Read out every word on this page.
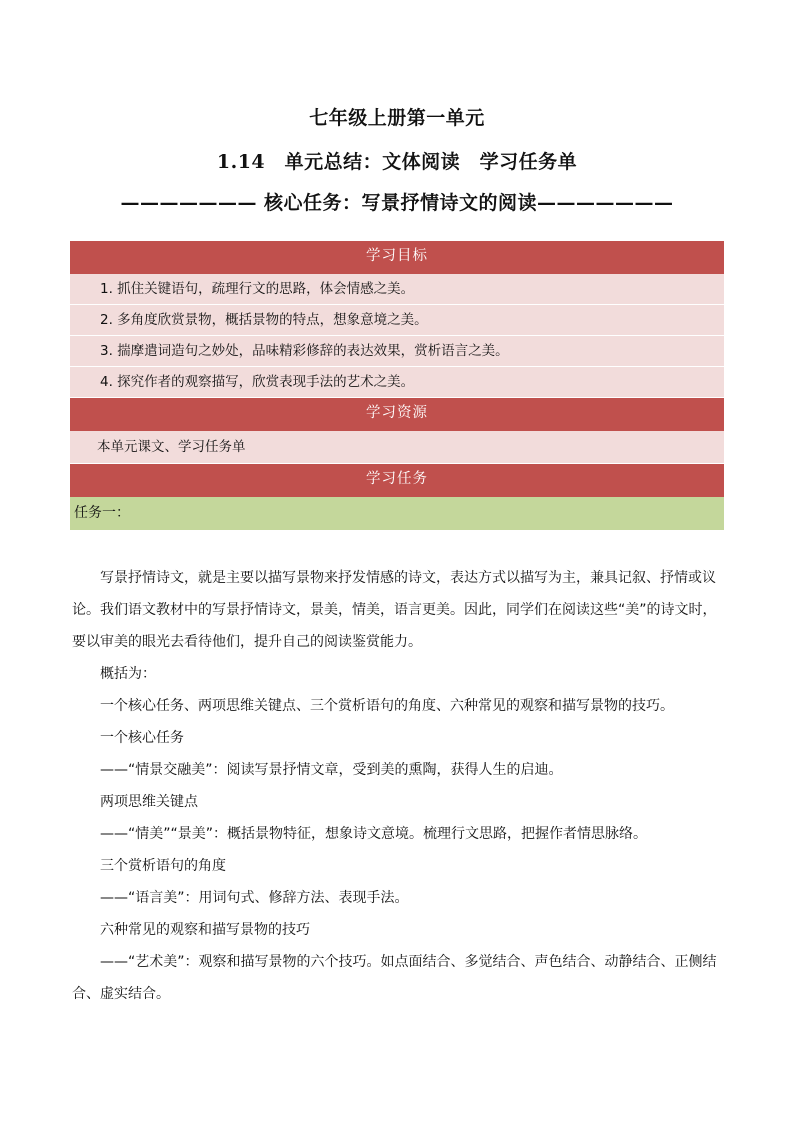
七年级上册第一单元
1.14　单元总结：文体阅读　学习任务单
——————— 核心任务：写景抒情诗文的阅读———————
学习目标
1. 抓住关键语句，疏理行文的思路，体会情感之美。
2. 多角度欣赏景物，概括景物的特点，想象意境之美。
3. 揣摩遣词造句之妙处，品味精彩修辞的表达效果，赏析语言之美。
4. 探究作者的观察描写，欣赏表现手法的艺术之美。
学习资源
本单元课文、学习任务单
学习任务
任务一：

写景抒情诗文，就是主要以描写景物来抒发情感的诗文，表达方式以描写为主，兼具记叙、抒情或议论。我们语文教材中的写景抒情诗文，景美，情美，语言更美。因此，同学们在阅读这些“美”的诗文时，要以审美的眼光去看待他们，提升自己的阅读鉴赏能力。

概括为：

一个核心任务、两项思维关键点、三个赏析语句的角度、六种常见的观察和描写景物的技巧。

一个核心任务

——“情景交融美”：阅读写景抒情文章，受到美的熏陶，获得人生的启迪。

两项思维关键点

——“情美”“景美”：概括景物特征，想象诗文意境。梳理行文思路，把握作者情思脉络。

三个赏析语句的角度

——“语言美”：用词句式、修辞方法、表现手法。

六种常见的观察和描写景物的技巧

——“艺术美”：观察和描写景物的六个技巧。如点面结合、多觉结合、声色结合、动静结合、正侧结合、虚实结合。
